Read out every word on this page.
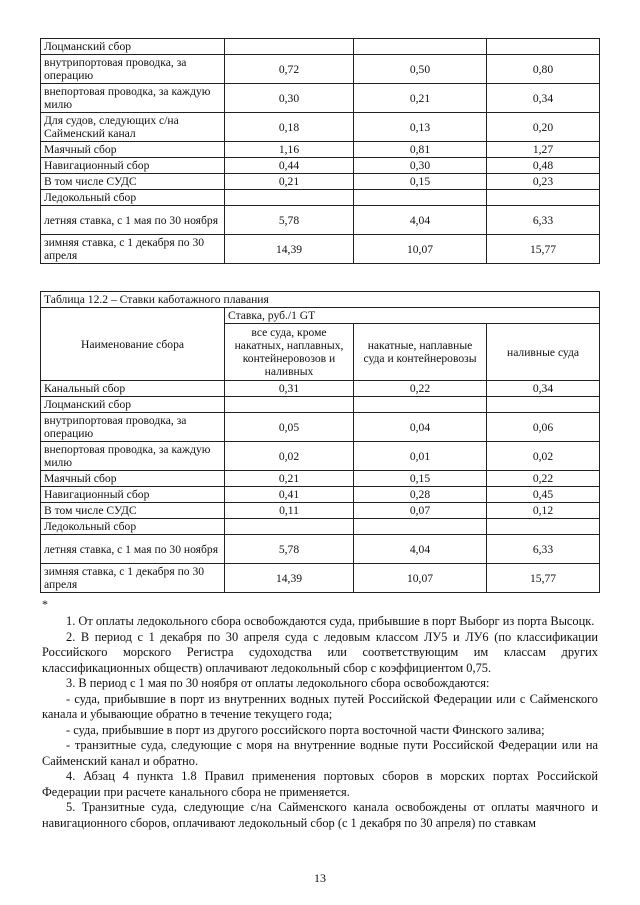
Лоцманский сбор			
внутрипортовая проводка, за операцию	0,72	0,50	0,80
внепортовая проводка, за каждую милю	0,30	0,21	0,34
Для судов, следующих с/на Сайменский канал	0,18	0,13	0,20
Маячный сбор	1,16	0,81	1,27
Навигационный сбор	0,44	0,30	0,48
В том числе СУДС	0,21	0,15	0,23
Ледокольный сбор			
летняя ставка, с 1 мая по 30 ноября	5,78	4,04	6,33
зимняя ставка, с 1 декабря по 30 апреля	14,39	10,07	15,77
Таблица 12.2 – Ставки каботажного плавания			
Наименование сбора	Ставка, руб./1 GT		
	все суда, кроме накатных, наплавных, контейнеровозов и наливных	накатные, наплавные суда и контейнеровозы	наливные суда
Канальный сбор	0,31	0,22	0,34
Лоцманский сбор			
внутрипортовая проводка, за операцию	0,05	0,04	0,06
внепортовая проводка, за каждую милю	0,02	0,01	0,02
Маячный сбор	0,21	0,15	0,22
Навигационный сбор	0,41	0,28	0,45
В том числе СУДС	0,11	0,07	0,12
Ледокольный сбор			
летняя ставка, с 1 мая по 30 ноября	5,78	4,04	6,33
зимняя ставка, с 1 декабря по 30 апреля	14,39	10,07	15,77
*

1. От оплаты ледокольного сбора освобождаются суда, прибывшие в порт Выборг из порта Высоцк.

2. В период с 1 декабря по 30 апреля суда с ледовым классом ЛУ5 и ЛУ6 (по классификации Российского морского Регистра судоходства или соответствующим им классам других классификационных обществ) оплачивают ледокольный сбор с коэффициентом 0,75.

3. В период с 1 мая по 30 ноября от оплаты ледокольного сбора освобождаются:

- суда, прибывшие в порт из внутренних водных путей Российской Федерации или с Сайменского канала и убывающие обратно в течение текущего года;

- суда, прибывшие в порт из другого российского порта восточной части Финского залива;

- транзитные суда, следующие с моря на внутренние водные пути Российской Федерации или на Сайменский канал и обратно.

4. Абзац 4 пункта 1.8 Правил применения портовых сборов в морских портах Российской Федерации при расчете канального сбора не применяется.

5. Транзитные суда, следующие с/на Сайменского канала освобождены от оплаты маячного и навигационного сборов, оплачивают ледокольный сбор (с 1 декабря по 30 апреля) по ставкам

13
